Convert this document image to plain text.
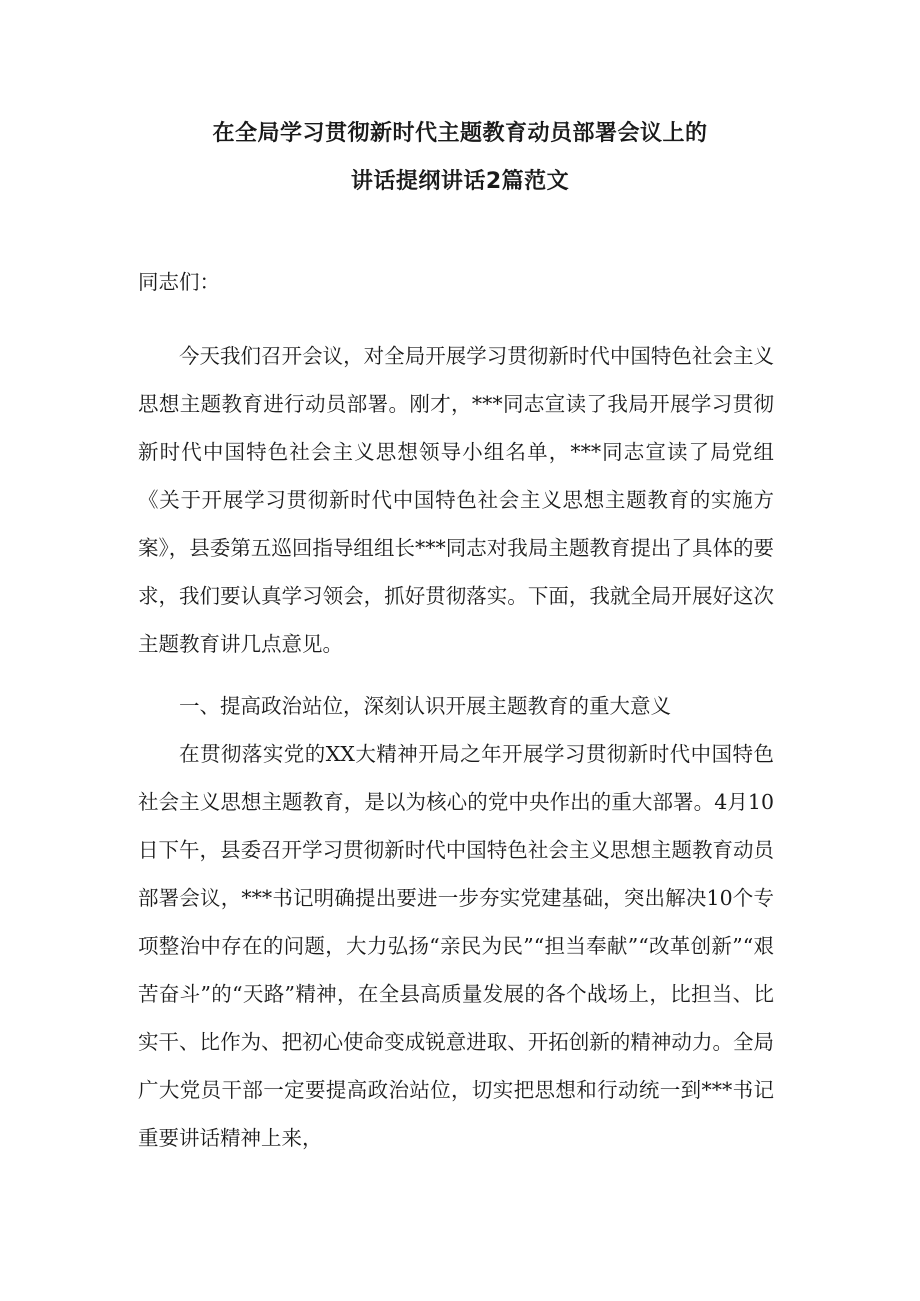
在全局学习贯彻新时代主题教育动员部署会议上的
讲话提纲讲话2篇范文

同志们：

今天我们召开会议，对全局开展学习贯彻新时代中国特色社会主义思想主题教育进行动员部署。刚才，***同志宣读了我局开展学习贯彻新时代中国特色社会主义思想领导小组名单，***同志宣读了局党组《关于开展学习贯彻新时代中国特色社会主义思想主题教育的实施方案》，县委第五巡回指导组组长***同志对我局主题教育提出了具体的要求，我们要认真学习领会，抓好贯彻落实。下面，我就全局开展好这次主题教育讲几点意见。

一、提高政治站位，深刻认识开展主题教育的重大意义

在贯彻落实党的XX大精神开局之年开展学习贯彻新时代中国特色社会主义思想主题教育，是以为核心的党中央作出的重大部署。4月10日下午，县委召开学习贯彻新时代中国特色社会主义思想主题教育动员部署会议，***书记明确提出要进一步夯实党建基础，突出解决10个专项整治中存在的问题，大力弘扬“亲民为民”“担当奉献”“改革创新”“艰苦奋斗”的“天路”精神，在全县高质量发展的各个战场上，比担当、比实干、比作为、把初心使命变成锐意进取、开拓创新的精神动力。全局广大党员干部一定要提高政治站位，切实把思想和行动统一到***书记重要讲话精神上来，
